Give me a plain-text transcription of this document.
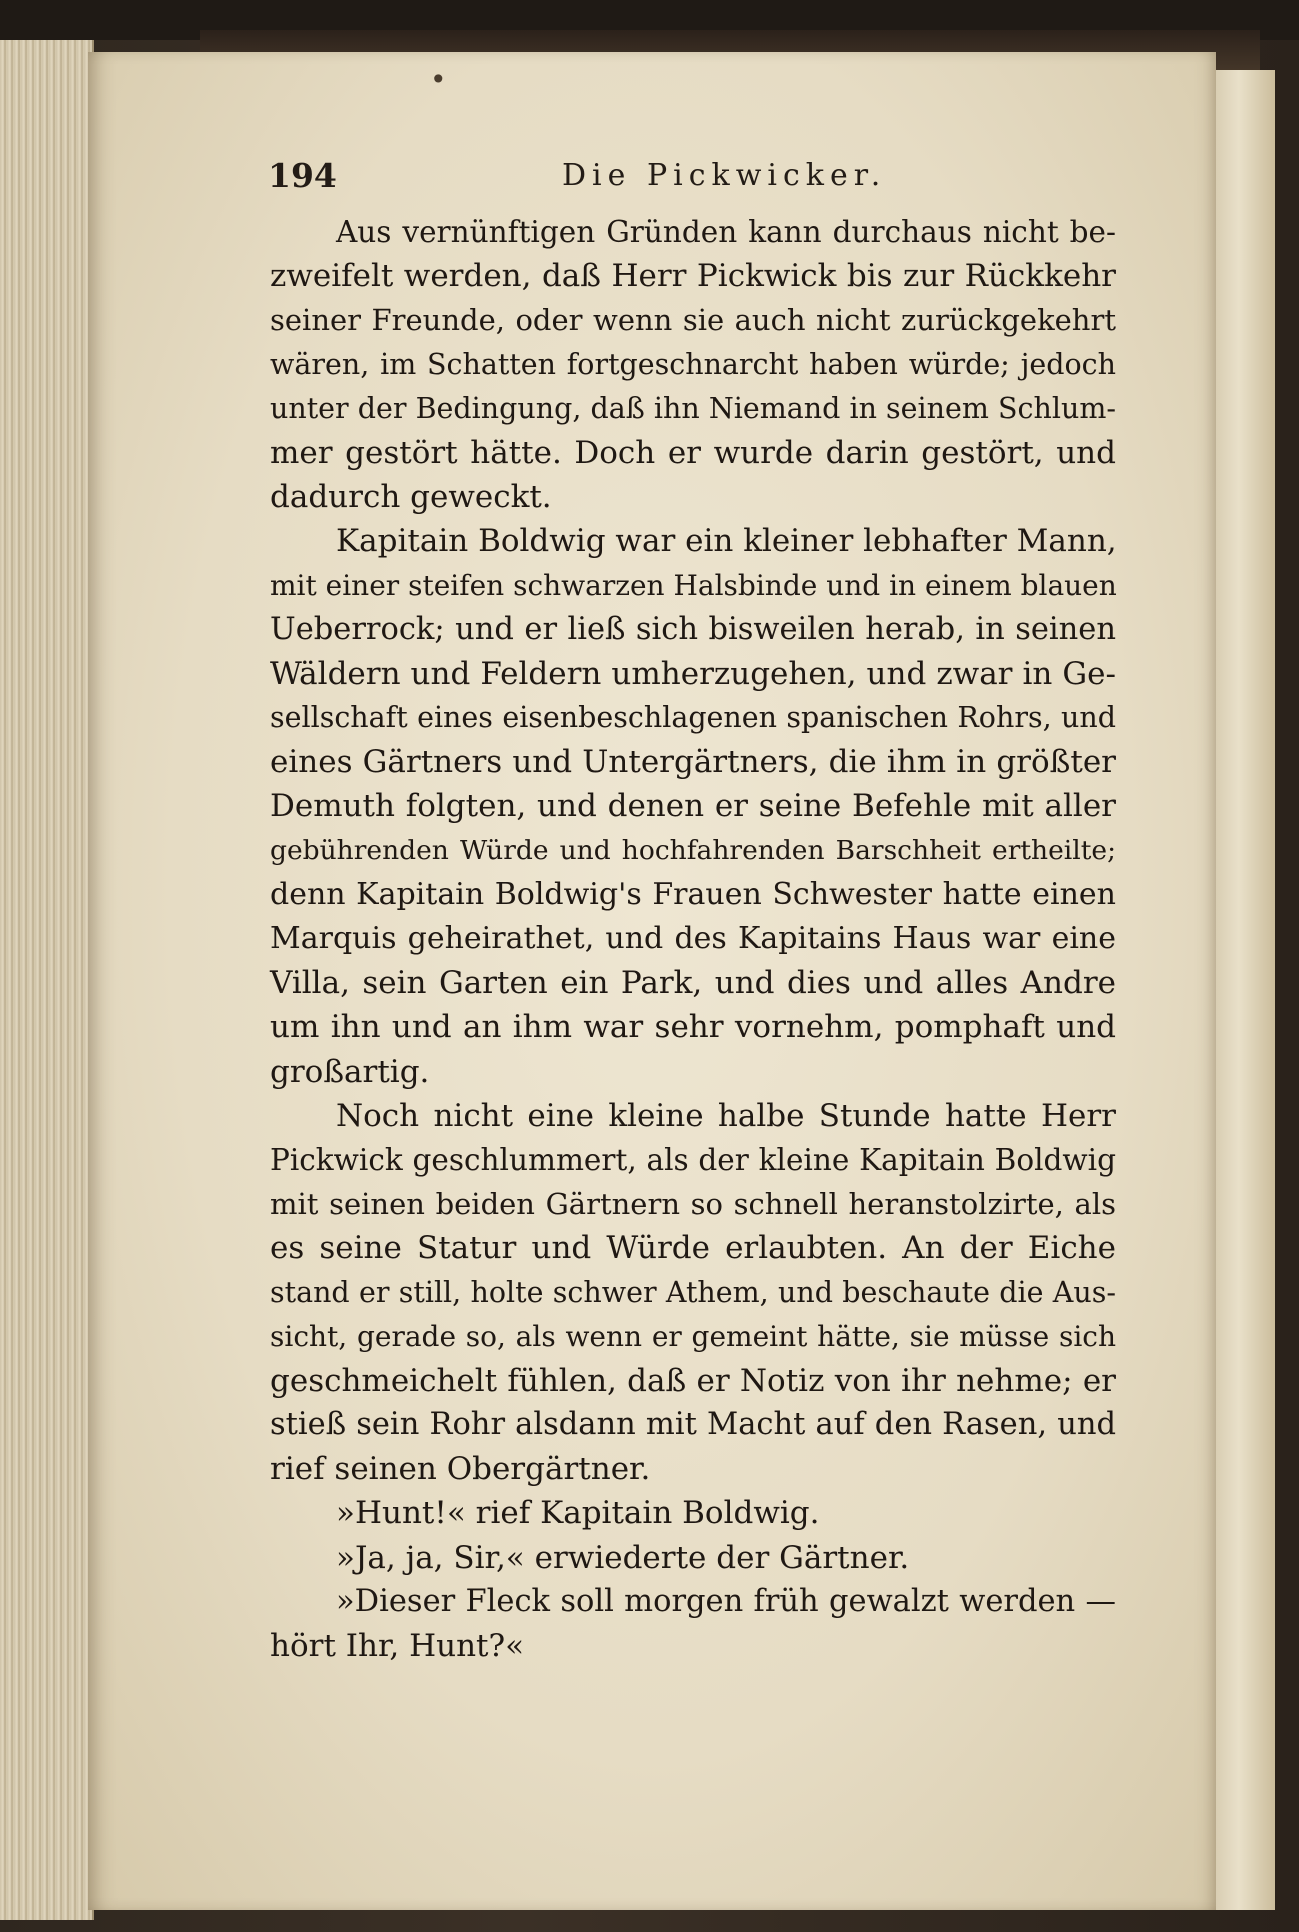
•
194	Die Pickwicker.
Aus vernünftigen Gründen kann durchaus nicht be-
zweifelt werden, daß Herr Pickwick bis zur Rückkehr
seiner Freunde, oder wenn sie auch nicht zurückgekehrt
wären, im Schatten fortgeschnarcht haben würde; jedoch
unter der Bedingung, daß ihn Niemand in seinem Schlum-
mer gestört hätte. Doch er wurde darin gestört, und
dadurch geweckt.
Kapitain Boldwig war ein kleiner lebhafter Mann,
mit einer steifen schwarzen Halsbinde und in einem blauen
Ueberrock; und er ließ sich bisweilen herab, in seinen
Wäldern und Feldern umherzugehen, und zwar in Ge-
sellschaft eines eisenbeschlagenen spanischen Rohrs, und
eines Gärtners und Untergärtners, die ihm in größter
Demuth folgten, und denen er seine Befehle mit aller
gebührenden Würde und hochfahrenden Barschheit ertheilte;
denn Kapitain Boldwig's Frauen Schwester hatte einen
Marquis geheirathet, und des Kapitains Haus war eine
Villa, sein Garten ein Park, und dies und alles Andre
um ihn und an ihm war sehr vornehm, pomphaft und
großartig.
Noch nicht eine kleine halbe Stunde hatte Herr
Pickwick geschlummert, als der kleine Kapitain Boldwig
mit seinen beiden Gärtnern so schnell heranstolzirte, als
es seine Statur und Würde erlaubten. An der Eiche
stand er still, holte schwer Athem, und beschaute die Aus-
sicht, gerade so, als wenn er gemeint hätte, sie müsse sich
geschmeichelt fühlen, daß er Notiz von ihr nehme; er
stieß sein Rohr alsdann mit Macht auf den Rasen, und
rief seinen Obergärtner.
»Hunt!« rief Kapitain Boldwig.
»Ja, ja, Sir,« erwiederte der Gärtner.
»Dieser Fleck soll morgen früh gewalzt werden —
hört Ihr, Hunt?«
